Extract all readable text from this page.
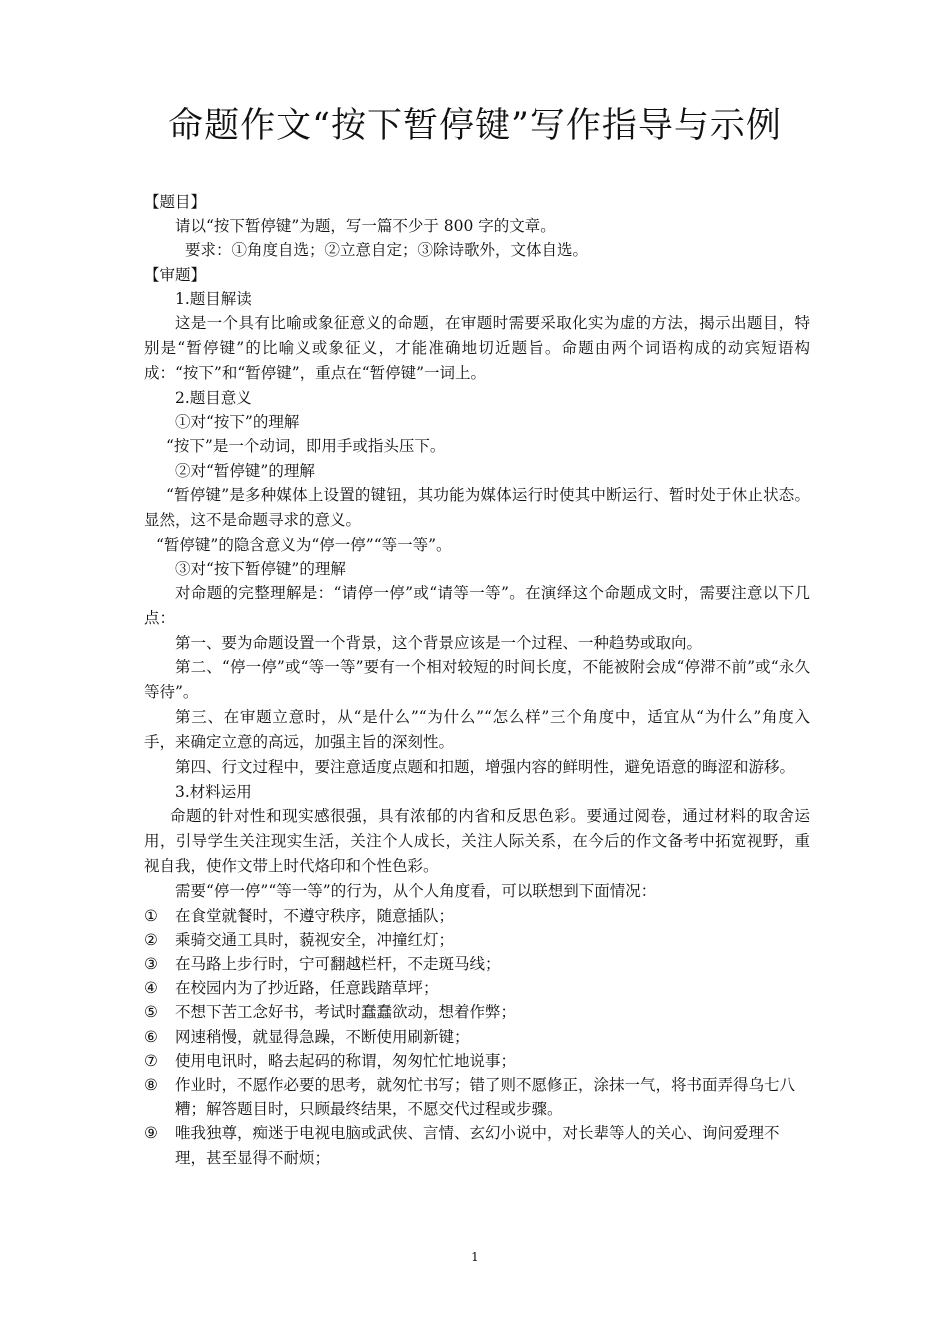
命题作文“按下暂停键”写作指导与示例
【题目】
请以“按下暂停键”为题，写一篇不少于 800 字的文章。
要求：①角度自选；②立意自定；③除诗歌外，文体自选。
【审题】
1.题目解读
这是一个具有比喻或象征意义的命题，在审题时需要采取化实为虚的方法，揭示出题目，特别是“暂停键”的比喻义或象征义，才能准确地切近题旨。命题由两个词语构成的动宾短语构成：“按下”和“暂停键”，重点在“暂停键”一词上。
2.题目意义
①对“按下”的理解
“按下”是一个动词，即用手或指头压下。
②对“暂停键”的理解
“暂停键”是多种媒体上设置的键钮，其功能为媒体运行时使其中断运行、暂时处于休止状态。显然，这不是命题寻求的意义。
“暂停键”的隐含意义为“停一停”“等一等”。
③对“按下暂停键”的理解
对命题的完整理解是：“请停一停”或“请等一等”。在演绎这个命题成文时，需要注意以下几点：
第一、要为命题设置一个背景，这个背景应该是一个过程、一种趋势或取向。
第二、“停一停”或“等一等”要有一个相对较短的时间长度，不能被附会成“停滞不前”或“永久等待”。
第三、在审题立意时，从“是什么”“为什么”“怎么样”三个角度中，适宜从“为什么”角度入手，来确定立意的高远，加强主旨的深刻性。
第四、行文过程中，要注意适度点题和扣题，增强内容的鲜明性，避免语意的晦涩和游移。
3.材料运用
命题的针对性和现实感很强，具有浓郁的内省和反思色彩。要通过阅卷，通过材料的取舍运用，引导学生关注现实生活，关注个人成长，关注人际关系，在今后的作文备考中拓宽视野，重视自我，使作文带上时代烙印和个性色彩。
需要“停一停”“等一等”的行为，从个人角度看，可以联想到下面情况：
① 在食堂就餐时，不遵守秩序，随意插队；
② 乘骑交通工具时，藐视安全，冲撞红灯；
③ 在马路上步行时，宁可翻越栏杆，不走斑马线；
④ 在校园内为了抄近路，任意践踏草坪；
⑤ 不想下苦工念好书，考试时蠢蠢欲动，想着作弊；
⑥ 网速稍慢，就显得急躁，不断使用刷新键；
⑦ 使用电讯时，略去起码的称谓，匆匆忙忙地说事；
⑧ 作业时，不愿作必要的思考，就匆忙书写；错了则不愿修正，涂抹一气，将书面弄得乌七八糟；解答题目时，只顾最终结果，不愿交代过程或步骤。
⑨ 唯我独尊，痴迷于电视电脑或武侠、言情、玄幻小说中，对长辈等人的关心、询问爱理不理，甚至显得不耐烦；
1
